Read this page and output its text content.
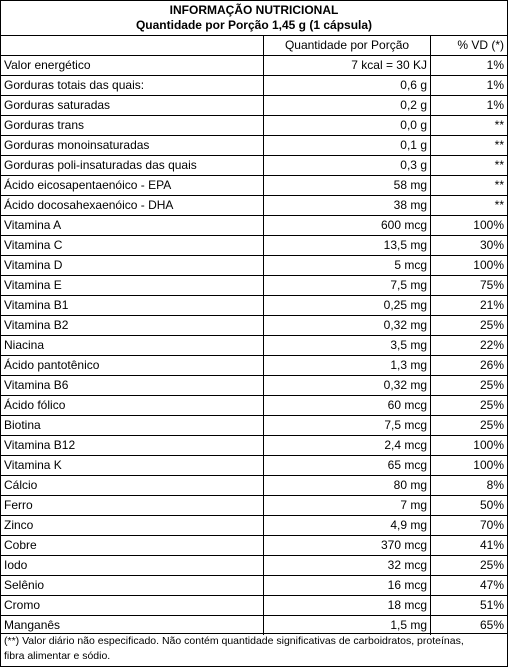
INFORMAÇÃO NUTRICIONAL
Quantidade por Porção 1,45 g (1 cápsula)
	Quantidade por Porção	% VD (*)
Valor energético	7 kcal = 30 KJ	1%
Gorduras totais das quais:	0,6 g	1%
Gorduras saturadas	0,2 g	1%
Gorduras trans	0,0 g	**
Gorduras monoinsaturadas	0,1 g	**
Gorduras poli-insaturadas das quais	0,3 g	**
Ácido eicosapentaenóico - EPA	58 mg	**
Ácido docosahexaenóico - DHA	38 mg	**
Vitamina A	600 mcg	100%
Vitamina C	13,5 mg	30%
Vitamina D	5 mcg	100%
Vitamina E	7,5 mg	75%
Vitamina B1	0,25 mg	21%
Vitamina B2	0,32 mg	25%
Niacina	3,5 mg	22%
Ácido pantotênico	1,3 mg	26%
Vitamina B6	0,32 mg	25%
Ácido fólico	60 mcg	25%
Biotina	7,5 mcg	25%
Vitamina B12	2,4 mcg	100%
Vitamina K	65 mcg	100%
Cálcio	80 mg	8%
Ferro	7 mg	50%
Zinco	4,9 mg	70%
Cobre	370 mcg	41%
Iodo	32 mcg	25%
Selênio	16 mcg	47%
Cromo	18 mcg	51%
Manganês	1,5 mg	65%
(**) Valor diário não especificado. Não contém quantidade significativas de carboidratos, proteínas,
fibra alimentar e sódio.
